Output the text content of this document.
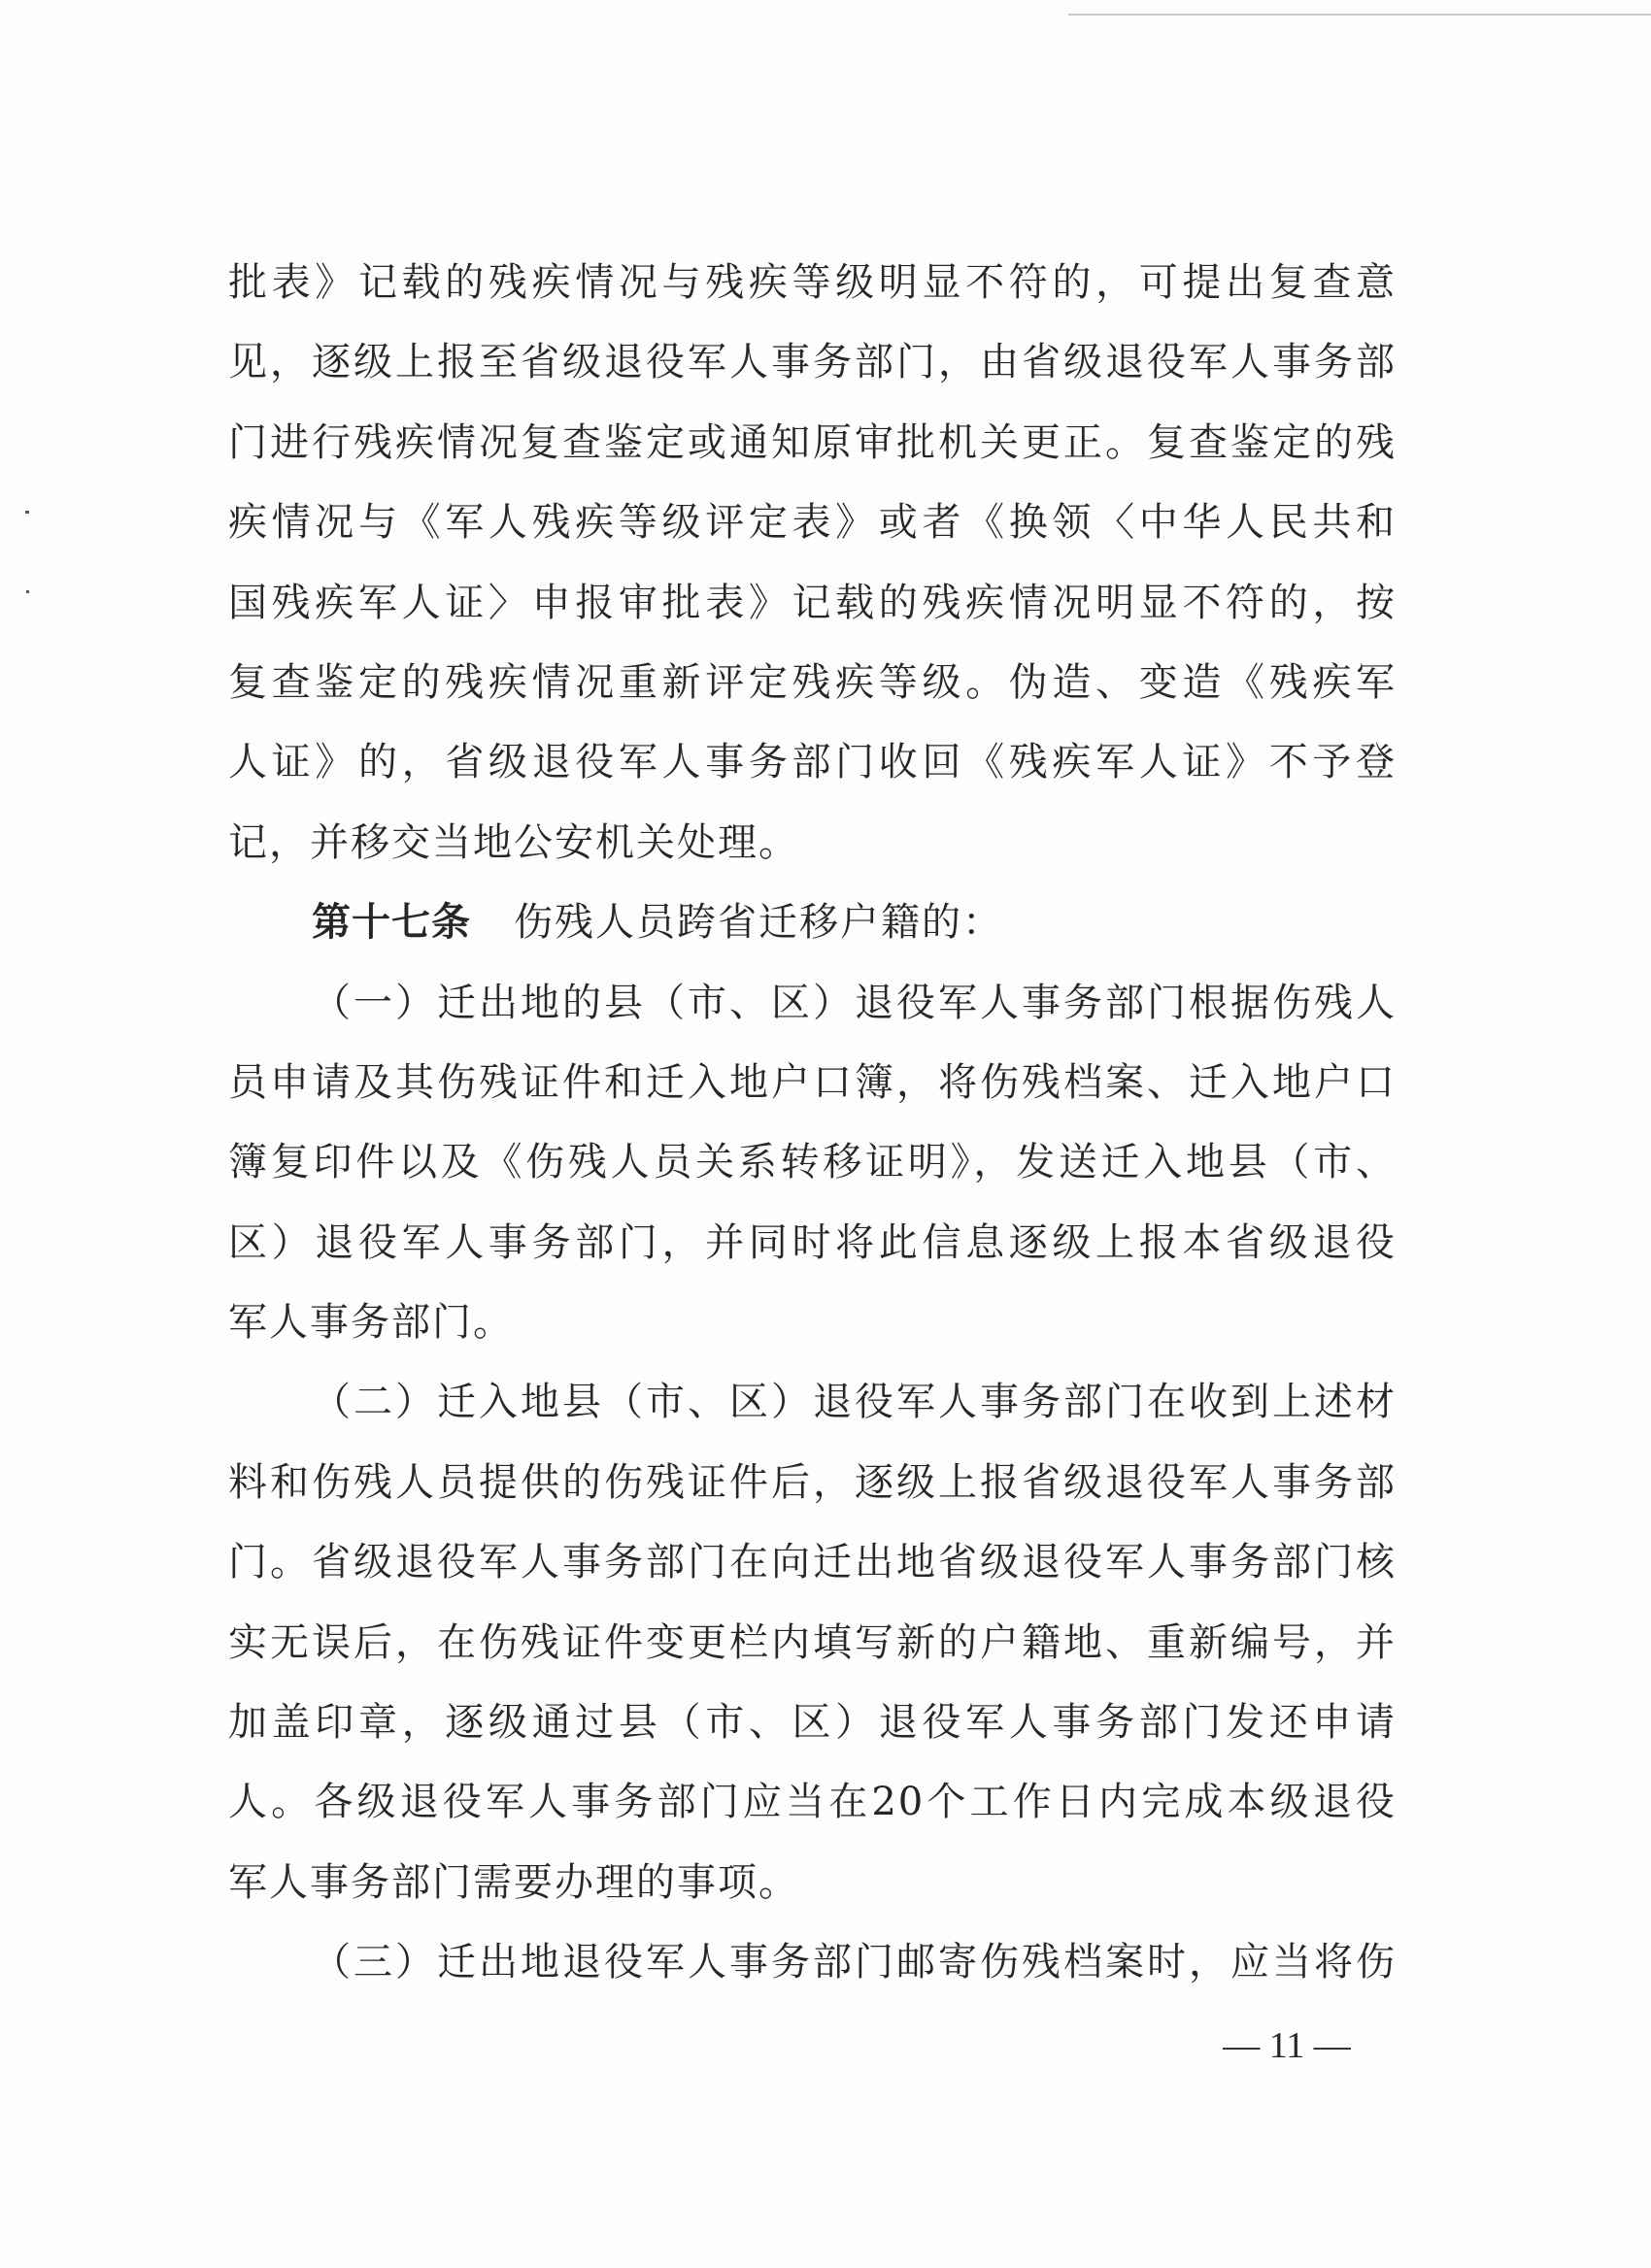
批表》记载的残疾情况与残疾等级明显不符的，可提出复查意
见，逐级上报至省级退役军人事务部门，由省级退役军人事务部
门进行残疾情况复查鉴定或通知原审批机关更正。复查鉴定的残
疾情况与《军人残疾等级评定表》或者《换领〈中华人民共和
国残疾军人证〉申报审批表》记载的残疾情况明显不符的，按
复查鉴定的残疾情况重新评定残疾等级。伪造、变造《残疾军
人证》的，省级退役军人事务部门收回《残疾军人证》不予登
记，并移交当地公安机关处理。
第十七条 伤残人员跨省迁移户籍的：
（一）迁出地的县（市、区）退役军人事务部门根据伤残人
员申请及其伤残证件和迁入地户口簿，将伤残档案、迁入地户口
簿复印件以及《伤残人员关系转移证明》，发送迁入地县（市、
区）退役军人事务部门，并同时将此信息逐级上报本省级退役
军人事务部门。
（二）迁入地县（市、区）退役军人事务部门在收到上述材
料和伤残人员提供的伤残证件后，逐级上报省级退役军人事务部
门。省级退役军人事务部门在向迁出地省级退役军人事务部门核
实无误后，在伤残证件变更栏内填写新的户籍地、重新编号，并
加盖印章，逐级通过县（市、区）退役军人事务部门发还申请
人。各级退役军人事务部门应当在20个工作日内完成本级退役
军人事务部门需要办理的事项。
（三）迁出地退役军人事务部门邮寄伤残档案时，应当将伤
— 11 —
